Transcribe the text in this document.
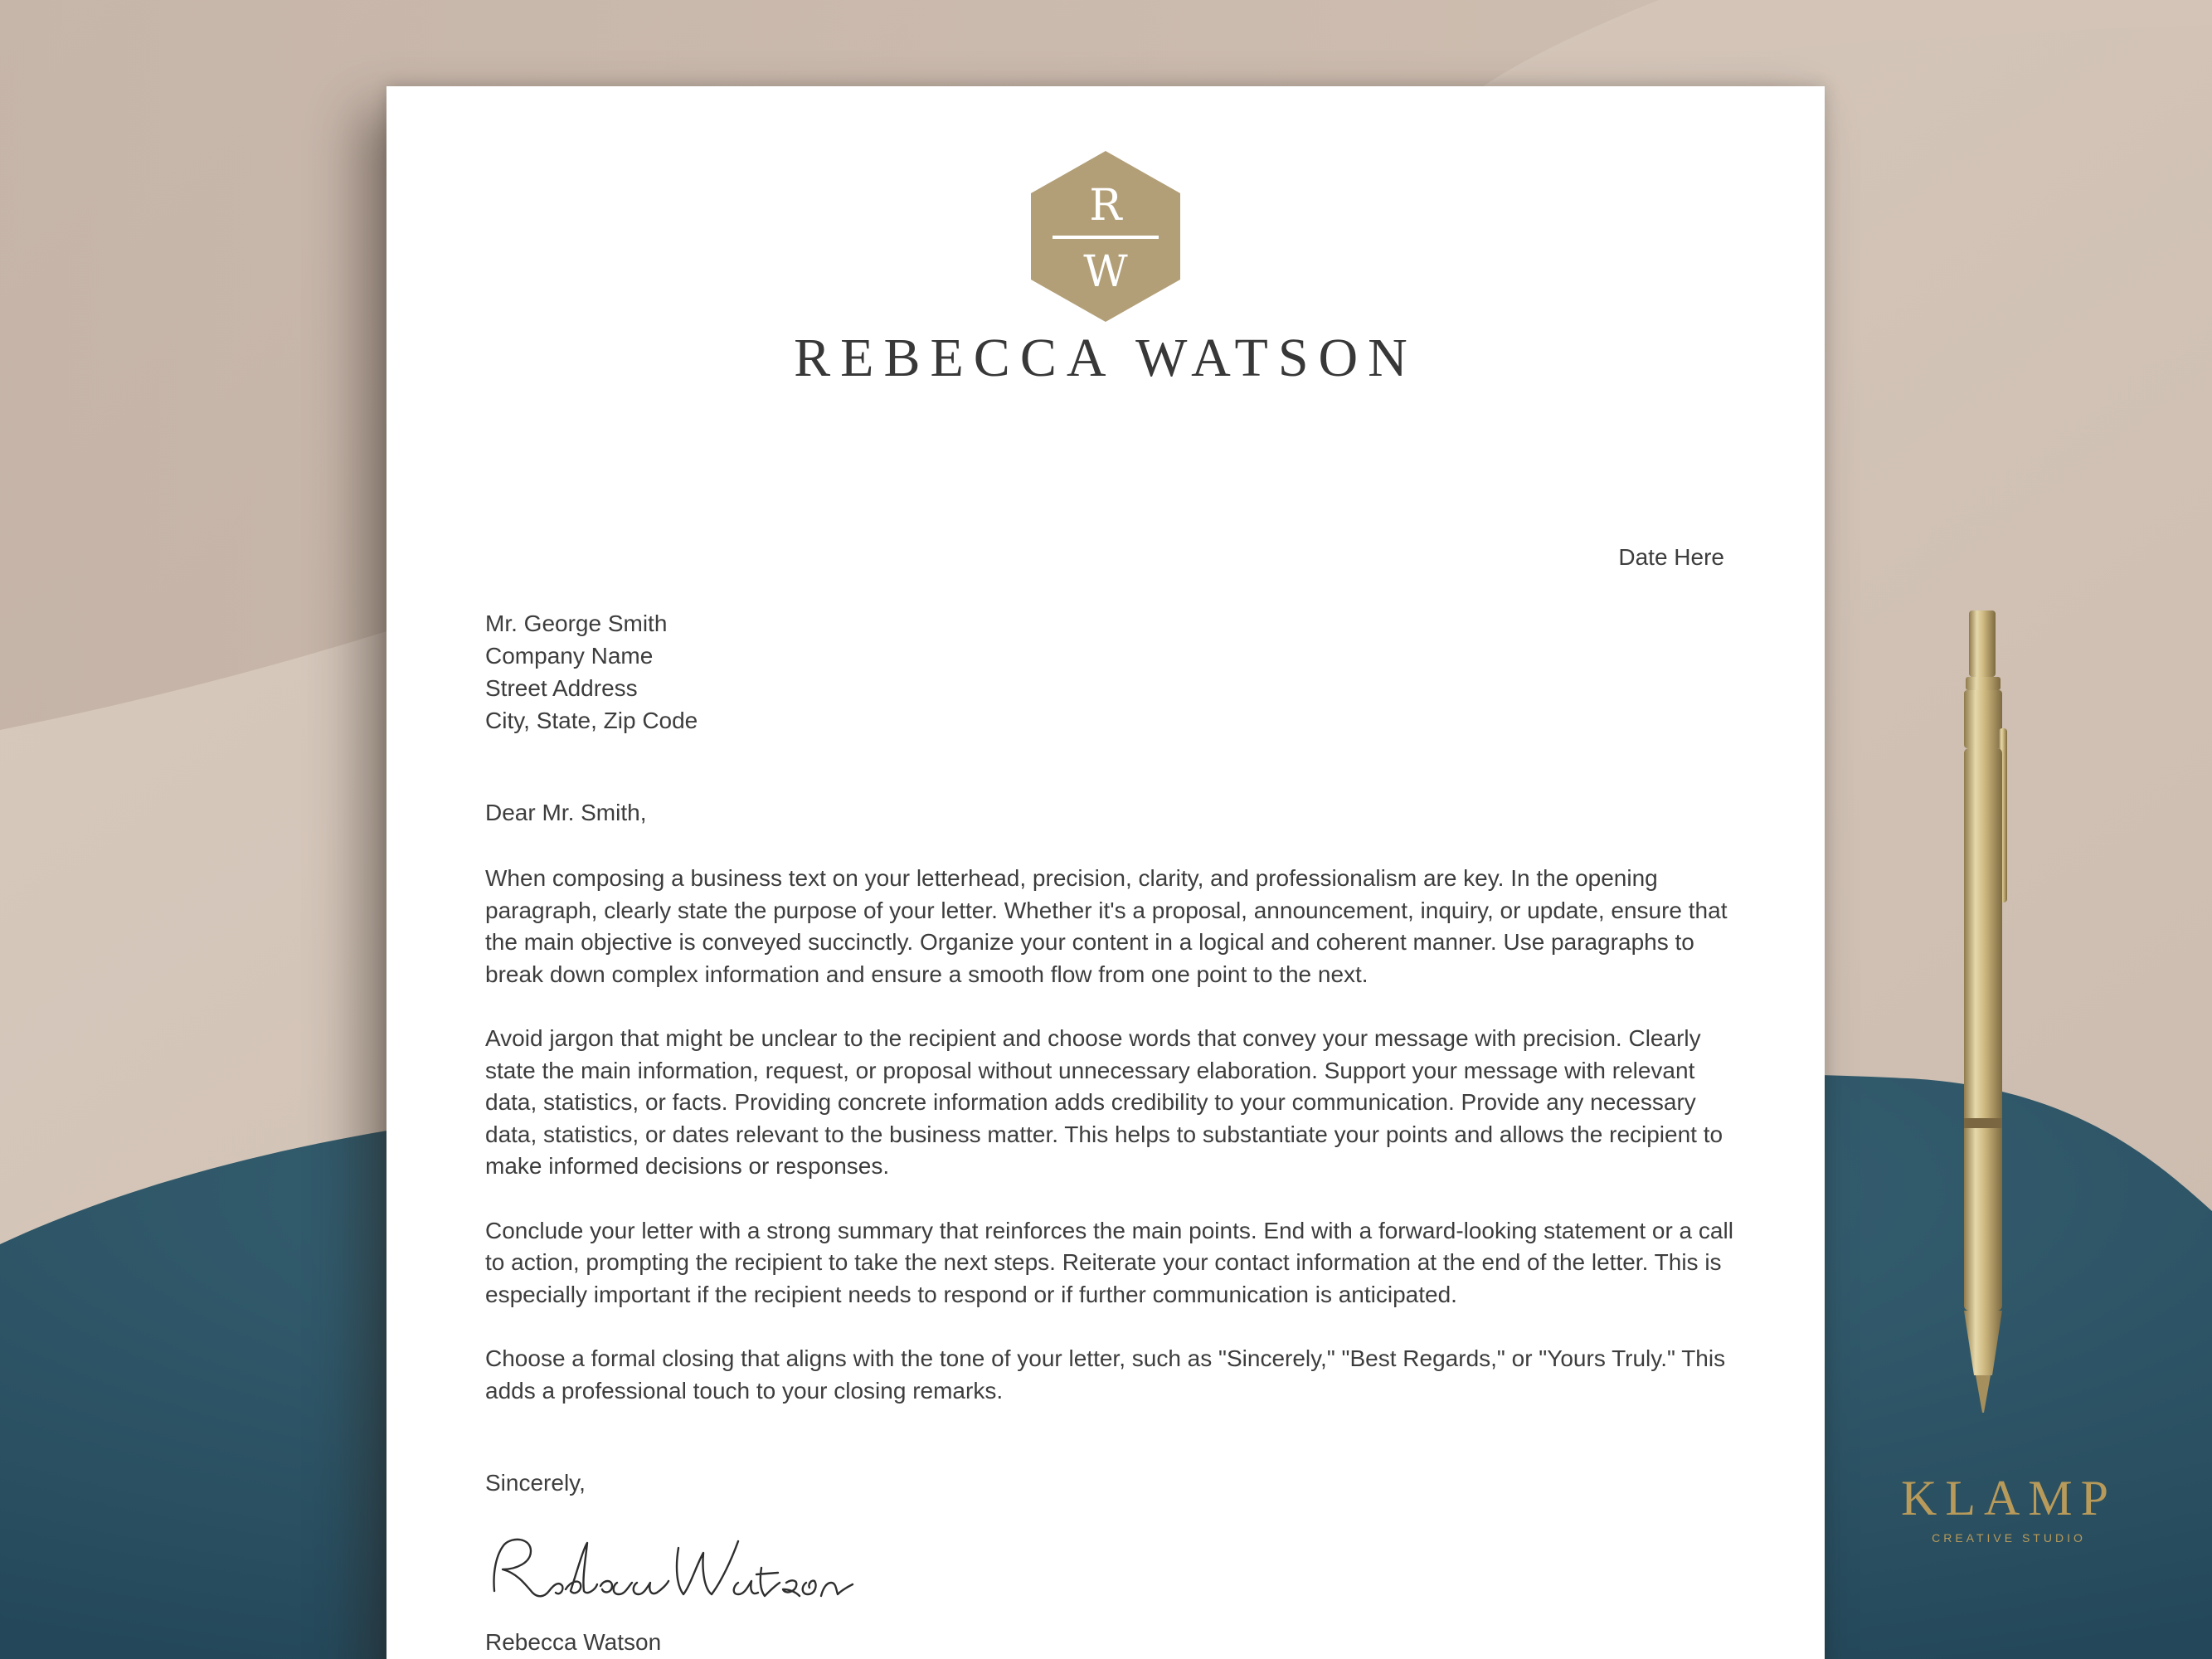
R
W
REBECCA WATSON
Date Here
Mr. George Smith
Company Name
Street Address
City, State, Zip Code
Dear Mr. Smith,

When composing a business text on your letterhead, precision, clarity, and professionalism are key. In the opening paragraph, clearly state the purpose of your letter. Whether it's a proposal, announcement, inquiry, or update, ensure that the main objective is conveyed succinctly. Organize your content in a logical and coherent manner. Use paragraphs to break down complex information and ensure a smooth flow from one point to the next.

Avoid jargon that might be unclear to the recipient and choose words that convey your message with precision. Clearly state the main information, request, or proposal without unnecessary elaboration. Support your message with relevant data, statistics, or facts. Providing concrete information adds credibility to your communication. Provide any necessary data, statistics, or dates relevant to the business matter. This helps to substantiate your points and allows the recipient to make informed decisions or responses.

Conclude your letter with a strong summary that reinforces the main points. End with a forward-looking statement or a call to action, prompting the recipient to take the next steps. Reiterate your contact information at the end of the letter. This is especially important if the recipient needs to respond or if further communication is anticipated.

Choose a formal closing that aligns with the tone of your letter, such as "Sincerely," "Best Regards," or "Yours Truly." This adds a professional touch to your closing remarks.

Sincerely,
Rebecca Watson
KLAMP
CREATIVE STUDIO
